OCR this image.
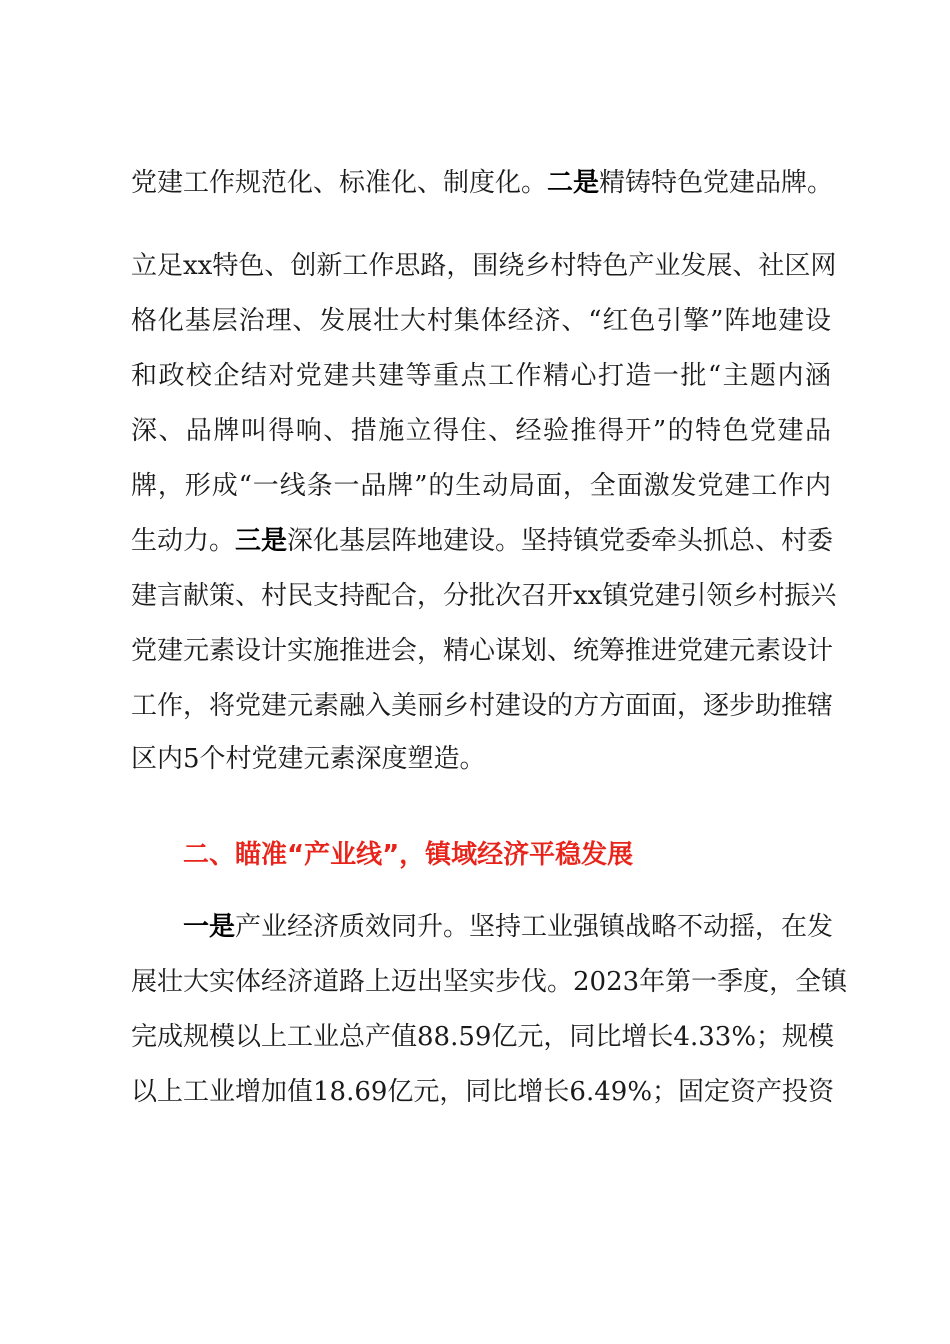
党建工作规范化、标准化、制度化。二是精铸特色党建品牌。
立足xx特色、创新工作思路，围绕乡村特色产业发展、社区网
格化基层治理、发展壮大村集体经济、“红色引擎”阵地建设
和政校企结对党建共建等重点工作精心打造一批“主题内涵
深、品牌叫得响、措施立得住、经验推得开”的特色党建品
牌，形成“一线条一品牌”的生动局面，全面激发党建工作内
生动力。三是深化基层阵地建设。坚持镇党委牵头抓总、村委
建言献策、村民支持配合，分批次召开xx镇党建引领乡村振兴
党建元素设计实施推进会，精心谋划、统筹推进党建元素设计
工作，将党建元素融入美丽乡村建设的方方面面，逐步助推辖
区内5个村党建元素深度塑造。
二、瞄准“产业线”，镇域经济平稳发展
一是产业经济质效同升。坚持工业强镇战略不动摇，在发
展壮大实体经济道路上迈出坚实步伐。2023年第一季度，全镇
完成规模以上工业总产值88.59亿元，同比增长4.33%；规模
以上工业增加值18.69亿元，同比增长6.49%；固定资产投资
